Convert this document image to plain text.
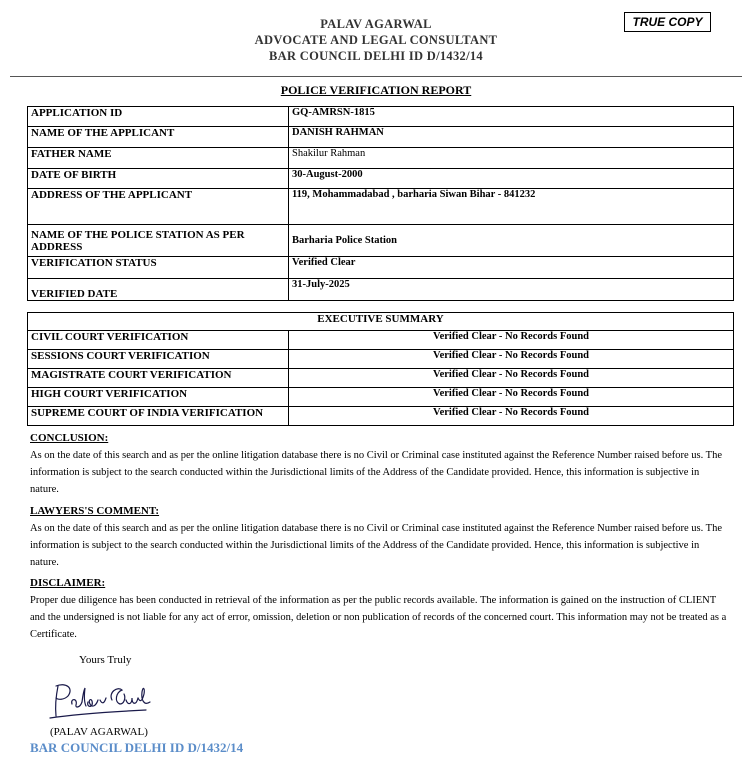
PALAV AGARWAL
ADVOCATE AND LEGAL CONSULTANT
BAR COUNCIL DELHI ID D/1432/14
TRUE COPY
POLICE VERIFICATION REPORT
APPLICATION ID	GQ-AMRSN-1815
NAME OF THE APPLICANT	DANISH RAHMAN
FATHER NAME	Shakilur Rahman
DATE OF BIRTH	30-August-2000
ADDRESS OF THE APPLICANT	119, Mohammadabad , barharia Siwan Bihar - 841232
NAME OF THE POLICE STATION AS PER ADDRESS	Barharia Police Station
VERIFICATION STATUS	Verified Clear
VERIFIED DATE	31-July-2025
EXECUTIVE SUMMARY	
CIVIL COURT VERIFICATION	Verified Clear - No Records Found
SESSIONS COURT VERIFICATION	Verified Clear - No Records Found
MAGISTRATE COURT VERIFICATION	Verified Clear - No Records Found
HIGH COURT VERIFICATION	Verified Clear - No Records Found
SUPREME COURT OF INDIA VERIFICATION	Verified Clear - No Records Found
CONCLUSION:
As on the date of this search and as per the online litigation database there is no Civil or Criminal case instituted against the Reference Number raised before us. The information is subject to the search conducted within the Jurisdictional limits of the Address of the Candidate provided. Hence, this information is subjective in nature.
LAWYERS'S COMMENT:
As on the date of this search and as per the online litigation database there is no Civil or Criminal case instituted against the Reference Number raised before us. The information is subject to the search conducted within the Jurisdictional limits of the Address of the Candidate provided. Hence, this information is subjective in nature.
DISCLAIMER:
Proper due diligence has been conducted in retrieval of the information as per the public records available. The information is gained on the instruction of CLIENT and the undersigned is not liable for any act of error, omission, deletion or non publication of records of the concerned court. This information may not be treated as a Certificate.
Yours Truly
(PALAV AGARWAL)
BAR COUNCIL DELHI ID D/1432/14
